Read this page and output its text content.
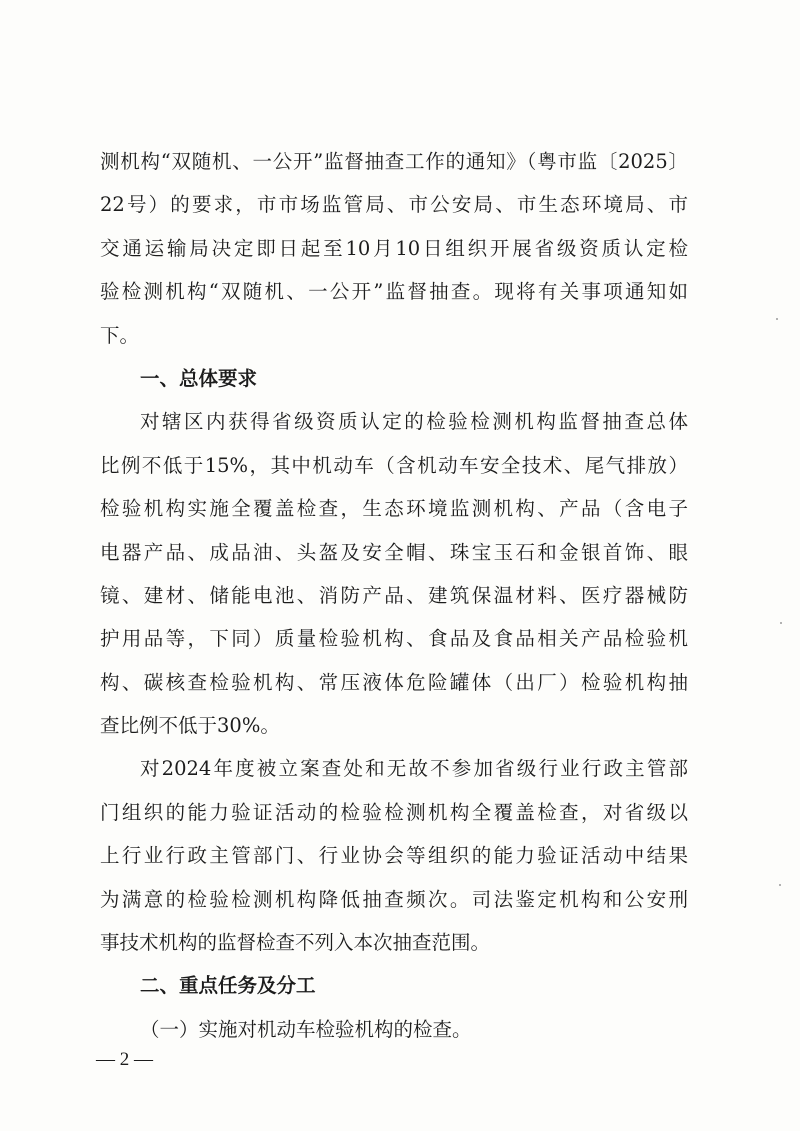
测机构“双随机、一公开”监督抽查工作的通知》（粤市监〔2025〕
22号）的要求，市市场监管局、市公安局、市生态环境局、市
交通运输局决定即日起至10月10日组织开展省级资质认定检
验检测机构“双随机、一公开”监督抽查。现将有关事项通知如
下。
一、总体要求
对辖区内获得省级资质认定的检验检测机构监督抽查总体
比例不低于15%，其中机动车（含机动车安全技术、尾气排放）
检验机构实施全覆盖检查，生态环境监测机构、产品（含电子
电器产品、成品油、头盔及安全帽、珠宝玉石和金银首饰、眼
镜、建材、储能电池、消防产品、建筑保温材料、医疗器械防
护用品等，下同）质量检验机构、食品及食品相关产品检验机
构、碳核查检验机构、常压液体危险罐体（出厂）检验机构抽
查比例不低于30%。
对2024年度被立案查处和无故不参加省级行业行政主管部
门组织的能力验证活动的检验检测机构全覆盖检查，对省级以
上行业行政主管部门、行业协会等组织的能力验证活动中结果
为满意的检验检测机构降低抽查频次。司法鉴定机构和公安刑
事技术机构的监督检查不列入本次抽查范围。
二、重点任务及分工
（一）实施对机动车检验机构的检查。
— 2 —
